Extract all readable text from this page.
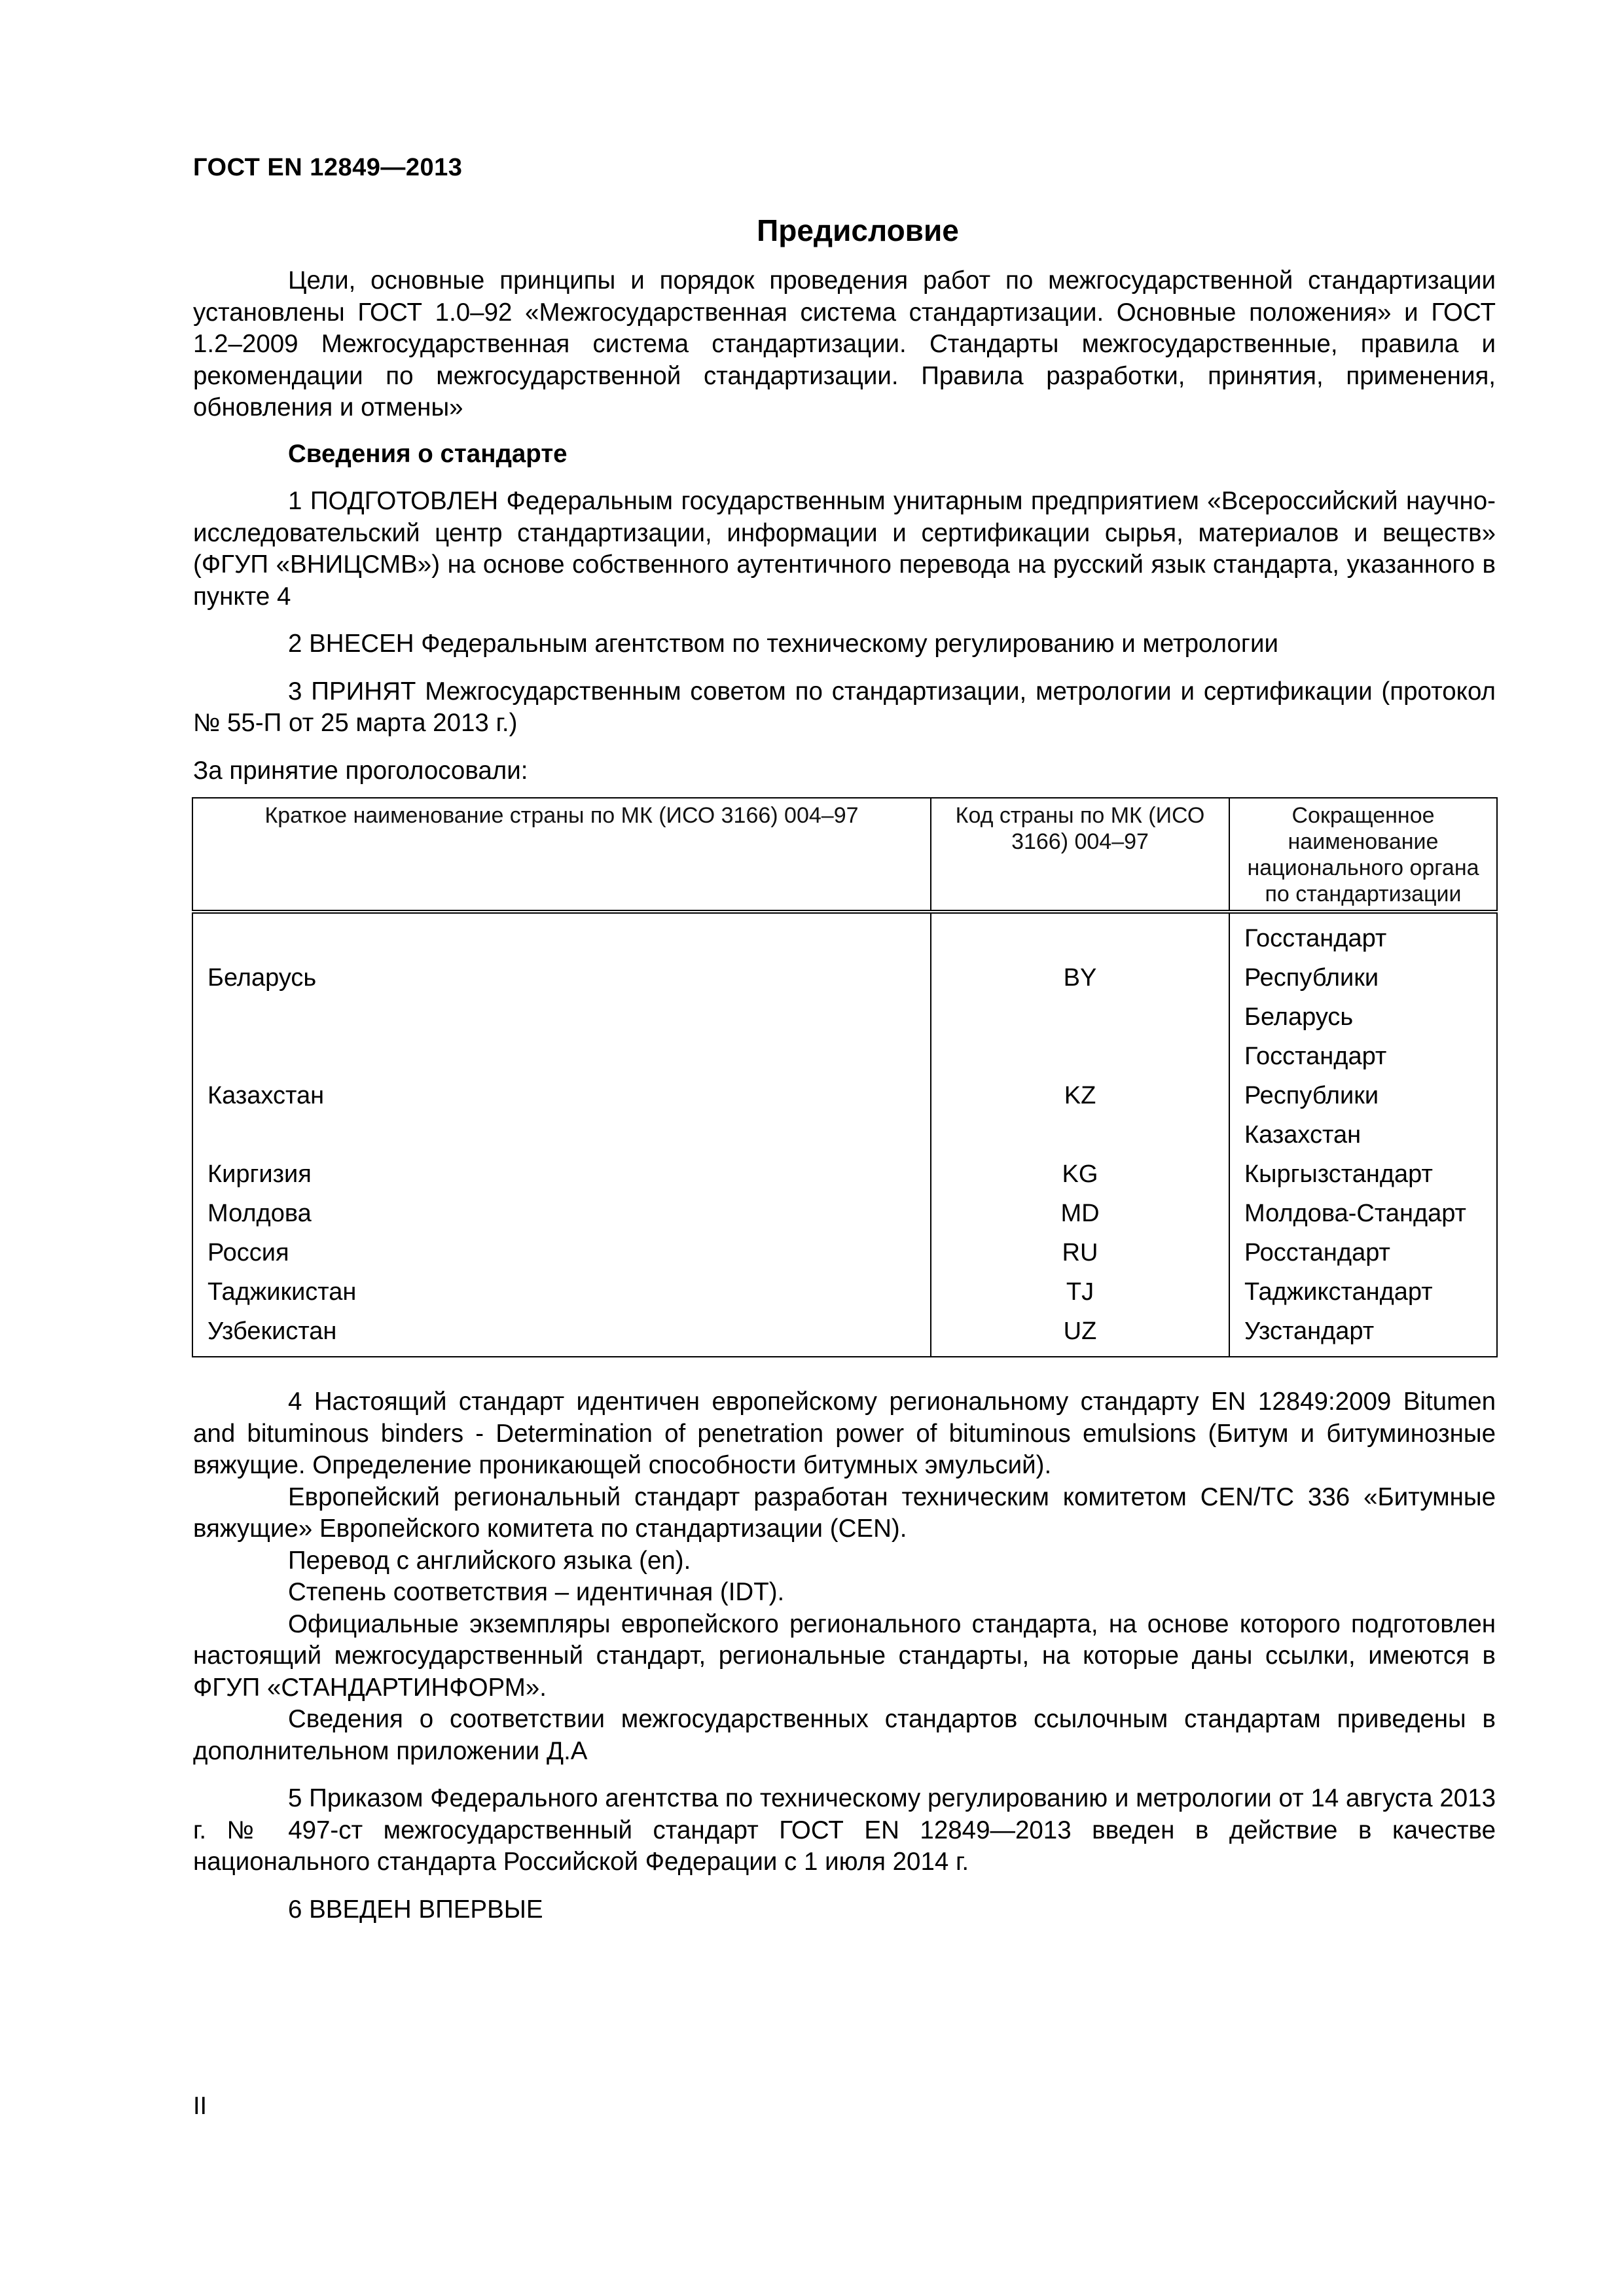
ГОСТ EN 12849—2013
Предисловие

Цели, основные принципы и порядок проведения работ по межгосударственной стандартизации установлены ГОСТ 1.0‒92 «Межгосударственная система стандартизации. Основные положения» и ГОСТ 1.2‒2009 Межгосударственная система стандартизации. Стандарты межгосударственные, правила и рекомендации по межгосударственной стандартизации. Правила разработки, принятия, применения, обновления и отмены»

Сведения о стандарте

1 ПОДГОТОВЛЕН Федеральным государственным унитарным предприятием «Всероссийский научно-исследовательский центр стандартизации, информации и сертификации сырья, материалов и веществ» (ФГУП «ВНИЦСМВ») на основе собственного аутентичного перевода на русский язык стандарта, указанного в пункте 4

2 ВНЕСЕН Федеральным агентством по техническому регулированию и метрологии

3 ПРИНЯТ Межгосударственным советом по стандартизации, метрологии и сертификации (протокол № 55-П от 25 марта 2013 г.)

За принятие проголосовали:

Краткое наименование страны по МК (ИСО 3166) 004–97	Код страны по МК (ИСО 3166) 004–97	Сокращенное наименование национального органа по стандартизации
Беларусь	BY	Госстандарт Республики Беларусь
Казахстан	KZ	Госстандарт Республики Казахстан
Киргизия	KG	Кыргызстандарт
Молдова	MD	Молдова-Стандарт
Россия	RU	Росстандарт
Таджикистан	TJ	Таджикстандарт
Узбекистан	UZ	Узстандарт

4 Настоящий стандарт идентичен европейскому региональному стандарту EN 12849:2009 Bitumen and bituminous binders - Determination of penetration power of bituminous emulsions (Битум и битуминозные вяжущие. Определение проникающей способности битумных эмульсий).

Европейский региональный стандарт разработан техническим комитетом CEN/TC 336 «Битумные вяжущие» Европейского комитета по стандартизации (CEN).

Перевод с английского языка (en).

Степень соответствия – идентичная (IDT).

Официальные экземпляры европейского регионального стандарта, на основе которого подготовлен настоящий межгосударственный стандарт, региональные стандарты, на которые даны ссылки, имеются в ФГУП «СТАНДАРТИНФОРМ».

Сведения о соответствии межгосударственных стандартов ссылочным стандартам приведены в дополнительном приложении Д.А

5 Приказом Федерального агентства по техническому регулированию и метрологии от 14 августа 2013 г. № 497-ст межгосударственный стандарт ГОСТ EN 12849—2013 введен в действие в качестве национального стандарта Российской Федерации с 1 июля 2014 г.

6 ВВЕДЕН ВПЕРВЫЕ

II
